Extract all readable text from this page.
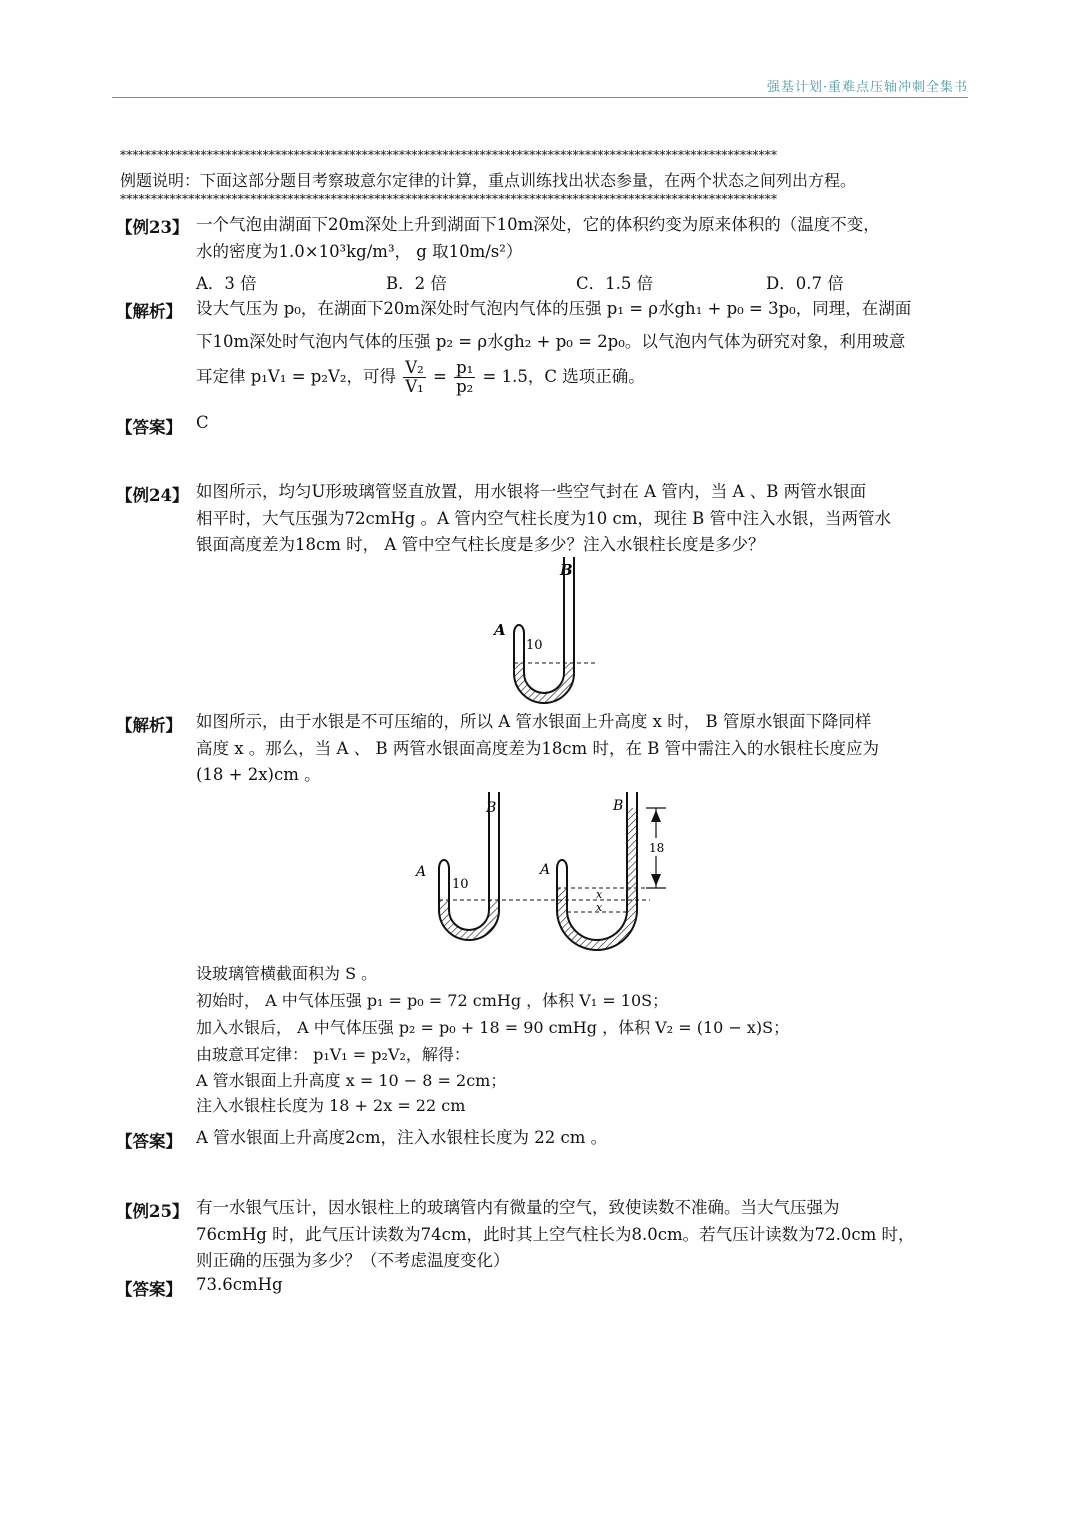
强基计划·重难点压轴冲刺全集书
**********************************************************************************************************
例题说明：下面这部分题目考察玻意尔定律的计算，重点训练找出状态参量，在两个状态之间列出方程。
**********************************************************************************************************
【例23】 一个气泡由湖面下20m深处上升到湖面下10m深处，它的体积约变为原来体积的（温度不变，

水的密度为1.0×10³kg/m³， g 取10m/s²）

A．3 倍	B．2 倍	C．1.5 倍	D．0.7 倍
【解析】 设大气压为 p₀，在湖面下20m深处时气泡内气体的压强 p₁ = ρ水gh₁ + p₀ = 3p₀，同理，在湖面

下10m深处时气泡内气体的压强 p₂ = ρ水gh₂ + p₀ = 2p₀。以气泡内气体为研究对象，利用玻意

耳定律 p₁V₁ = p₂V₂，可得 $\frac{\text{V₂}}{\text{V₁}} = \frac{\text{p₁}}{\text{p₂}} = 1.5$，C 选项正确。

【答案】 C
【例24】 如图所示，均匀U形玻璃管竖直放置，用水银将一些空气封在 A 管内，当 A 、B 两管水银面

相平时，大气压强为72cmHg 。A 管内空气柱长度为10 cm，现往 B 管中注入水银，当两管水

银面高度差为18cm 时， A 管中空气柱长度是多少？注入水银柱长度是多少？

B
A
10
【解析】 如图所示，由于水银是不可压缩的，所以 A 管水银面上升高度 x 时， B 管原水银面下降同样

高度 x 。那么，当 A 、 B 两管水银面高度差为18cm 时，在 B 管中需注入的水银柱长度应为

(18 + 2x)cm 。

B
A
10
B
A
x
x
18

设玻璃管横截面积为 S 。

初始时， A 中气体压强 p₁ = p₀ = 72 cmHg ，体积 V₁ = 10S；

加入水银后， A 中气体压强 p₂ = p₀ + 18 = 90 cmHg ，体积 V₂ = (10 − x)S；

由玻意耳定律： p₁V₁ = p₂V₂，解得：

A 管水银面上升高度 x = 10 − 8 = 2cm；

注入水银柱长度为 18 + 2x = 22 cm

【答案】 A 管水银面上升高度2cm，注入水银柱长度为 22 cm 。
【例25】 有一水银气压计，因水银柱上的玻璃管内有微量的空气，致使读数不准确。当大气压强为

76cmHg 时，此气压计读数为74cm，此时其上空气柱长为8.0cm。若气压计读数为72.0cm 时，

则正确的压强为多少？（不考虑温度变化）

【答案】 73.6cmHg
